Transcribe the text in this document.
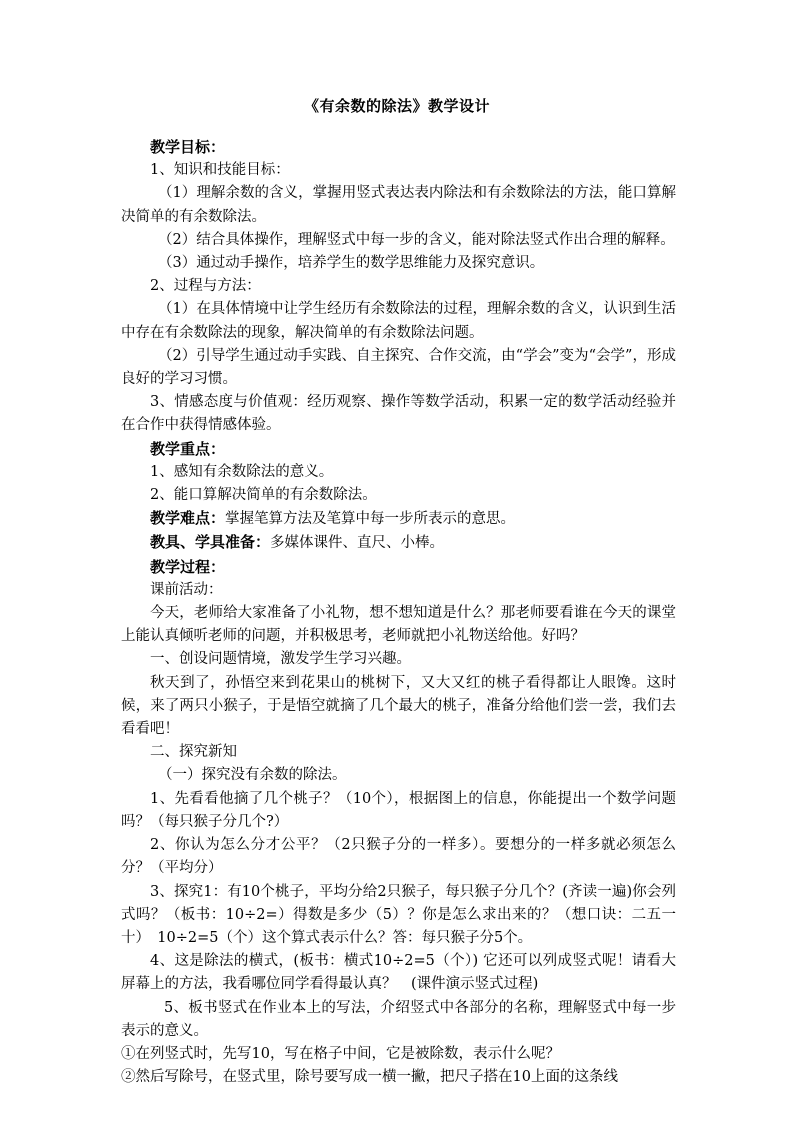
《有余数的除法》教学设计

教学目标：

1、知识和技能目标：

（1）理解余数的含义，掌握用竖式表达表内除法和有余数除法的方法，能口算解决简单的有余数除法。

（2）结合具体操作，理解竖式中每一步的含义，能对除法竖式作出合理的解释。

（3）通过动手操作，培养学生的数学思维能力及探究意识。

2、过程与方法：

（1）在具体情境中让学生经历有余数除法的过程，理解余数的含义，认识到生活中存在有余数除法的现象，解决简单的有余数除法问题。

（2）引导学生通过动手实践、自主探究、合作交流，由“学会”变为“会学”，形成良好的学习习惯。

3、情感态度与价值观：经历观察、操作等数学活动，积累一定的数学活动经验并在合作中获得情感体验。

教学重点：

1、感知有余数除法的意义。

2、能口算解决简单的有余数除法。

教学难点：掌握笔算方法及笔算中每一步所表示的意思。

教具、学具准备：多媒体课件、直尺、小棒。

教学过程：

课前活动：

今天，老师给大家准备了小礼物，想不想知道是什么？那老师要看谁在今天的课堂上能认真倾听老师的问题，并积极思考，老师就把小礼物送给他。好吗？

一、创设问题情境，激发学生学习兴趣。

秋天到了，孙悟空来到花果山的桃树下，又大又红的桃子看得都让人眼馋。这时候，来了两只小猴子，于是悟空就摘了几个最大的桃子，准备分给他们尝一尝，我们去看看吧！

二、探究新知

（一）探究没有余数的除法。

1、先看看他摘了几个桃子？（10个），根据图上的信息，你能提出一个数学问题吗？（每只猴子分几个?）

2、你认为怎么分才公平？（2只猴子分的一样多）。要想分的一样多就必须怎么分？（平均分）

3、探究1：有10个桃子，平均分给2只猴子，每只猴子分几个？(齐读一遍)你会列式吗？（板书：10÷2=）得数是多少（5）？你是怎么求出来的？（想口诀：二五一十）　10÷2=5（个）这个算式表示什么？答：每只猴子分5个。

4、这是除法的横式，(板书：横式10÷2=5（个）) 它还可以列成竖式呢！请看大屏幕上的方法，我看哪位同学看得最认真？　(课件演示竖式过程)

5、板书竖式在作业本上的写法，介绍竖式中各部分的名称，理解竖式中每一步表示的意义。

①在列竖式时，先写10，写在格子中间，它是被除数，表示什么呢？

②然后写除号，在竖式里，除号要写成一横一撇，把尺子搭在10上面的这条线
